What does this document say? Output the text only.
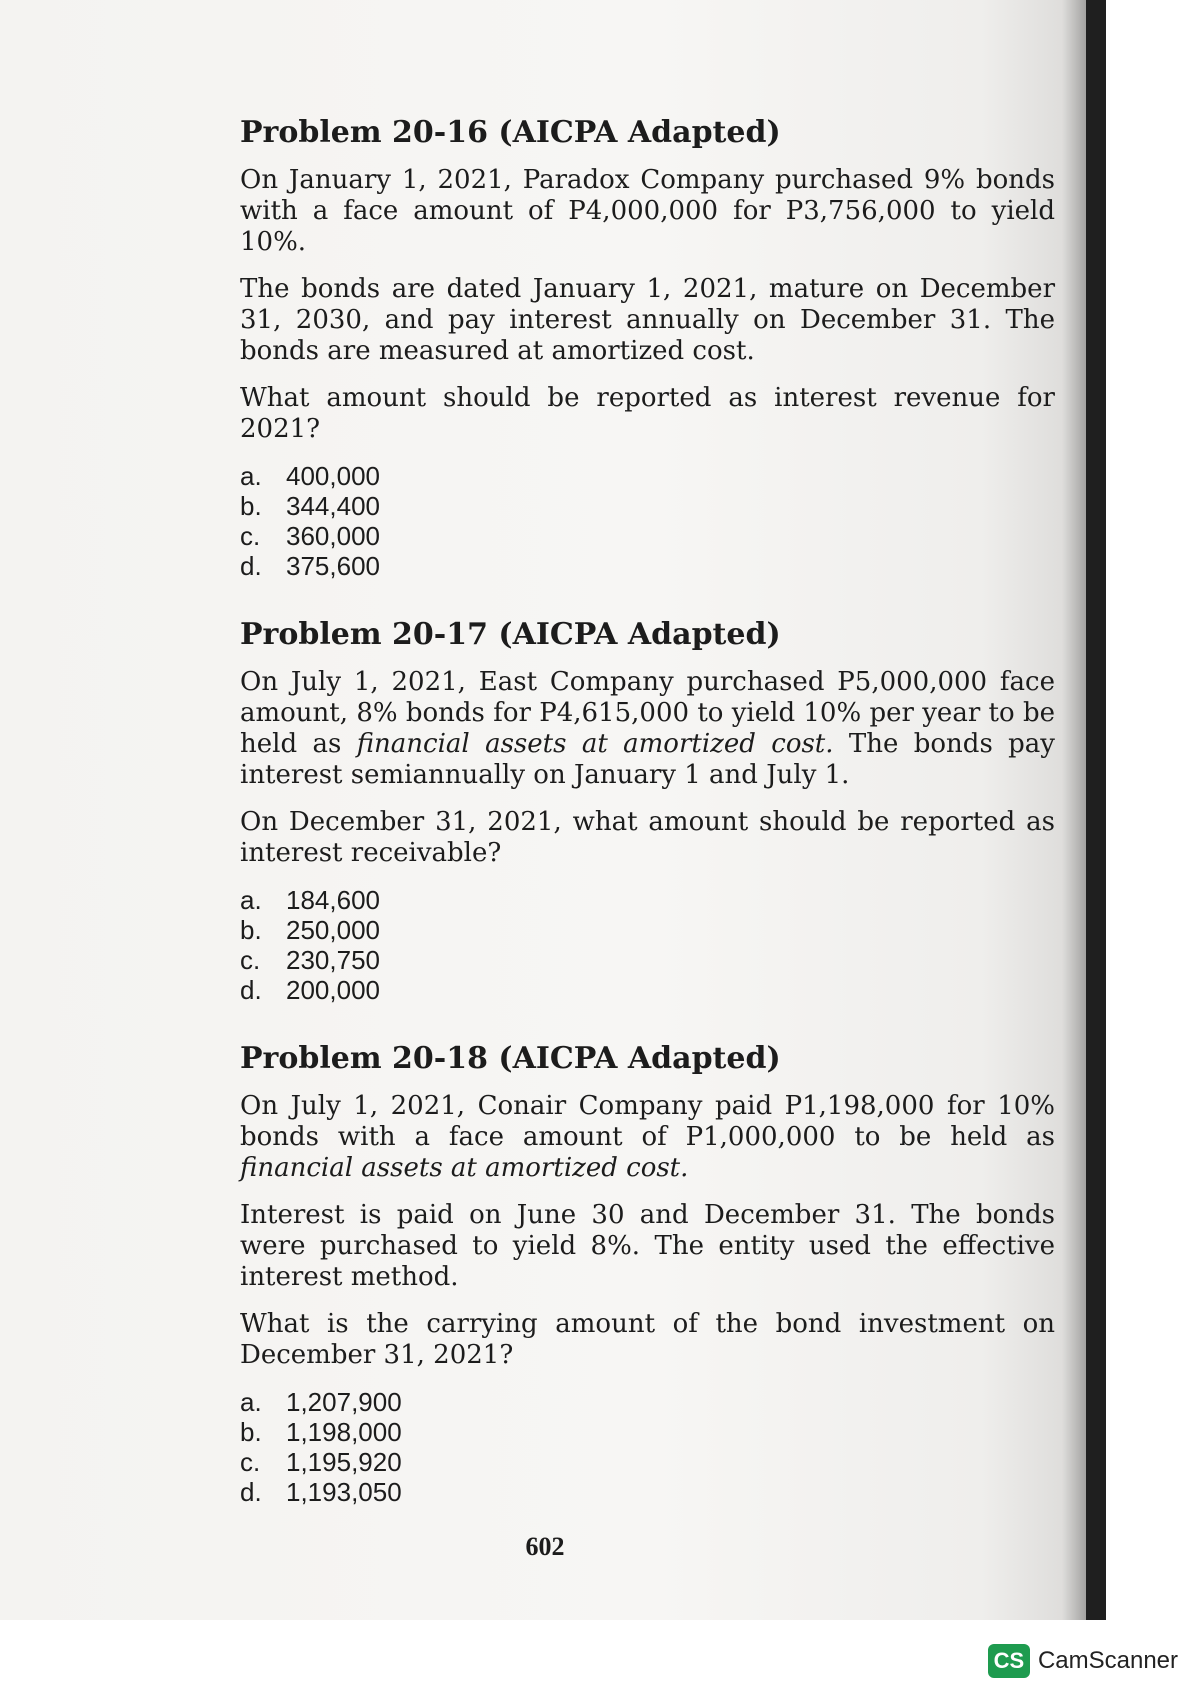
Problem 20-16 (AICPA Adapted)

On January 1, 2021, Paradox Company purchased 9% bonds with a face amount of P4,000,000 for P3,756,000 to yield 10%.

The bonds are dated January 1, 2021, mature on December 31, 2030, and pay interest annually on December 31. The bonds are measured at amortized cost.

What amount should be reported as interest revenue for 2021?

a. 400,000
b. 344,400
c. 360,000
d. 375,600
Problem 20-17 (AICPA Adapted)

On July 1, 2021, East Company purchased P5,000,000 face amount, 8% bonds for P4,615,000 to yield 10% per year to be held as financial assets at amortized cost. The bonds pay interest semiannually on January 1 and July 1.

On December 31, 2021, what amount should be reported as interest receivable?

a. 184,600
b. 250,000
c. 230,750
d. 200,000
Problem 20-18 (AICPA Adapted)

On July 1, 2021, Conair Company paid P1,198,000 for 10% bonds with a face amount of P1,000,000 to be held as financial assets at amortized cost.

Interest is paid on June 30 and December 31. The bonds were purchased to yield 8%. The entity used the effective interest method.

What is the carrying amount of the bond investment on December 31, 2021?

a. 1,207,900
b. 1,198,000
c. 1,195,920
d. 1,193,050
602
CS CamScanner
